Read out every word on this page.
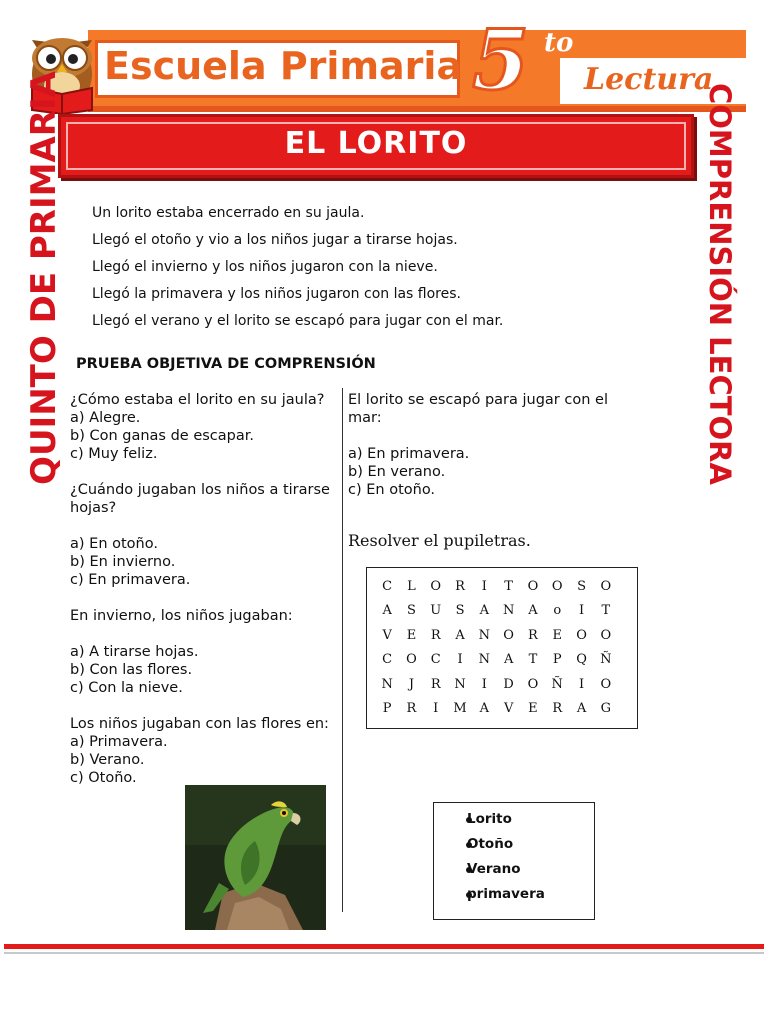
Escuela Primaria 5 to
Lectura
EL LORITO
QUINTO DE PRIMARIA	COMPRENSIÓN LECTORA
Un lorito estaba encerrado en su jaula.
Llegó el otoño y vio a los niños jugar a tirarse hojas.
Llegó el invierno y los niños jugaron con la nieve.
Llegó la primavera y los niños jugaron con las flores.
Llegó el verano y el lorito se escapó para jugar con el mar.
PRUEBA OBJETIVA DE COMPRENSIÓN
¿Cómo estaba el lorito en su jaula?
a) Alegre.
b) Con ganas de escapar.
c) Muy feliz.
¿Cuándo jugaban los niños a tirarse hojas?
a) En otoño.
b) En invierno.
c) En primavera.
En invierno, los niños jugaban:
a) A tirarse hojas.
b) Con las flores.
c) Con la nieve.
Los niños jugaban con las flores en:
a) Primavera.
b) Verano.
c) Otoño.
El lorito se escapó para jugar con el mar:
a) En primavera.
b) En verano.
c) En otoño.
Resolver el pupiletras.
C	L	O	R	I	T	O	O	S	O
A	S	U	S	A	N	A	o	I	T
V	E	R	A	N	O	R	E	O	O
C	O	C	I	N	A	T	P	Q	Ñ
N	J	R	N	I	D	O	Ñ	I	O
P	R	I	M	A	V	E	R	A	G
Lorito
Otoño
Verano
primavera
